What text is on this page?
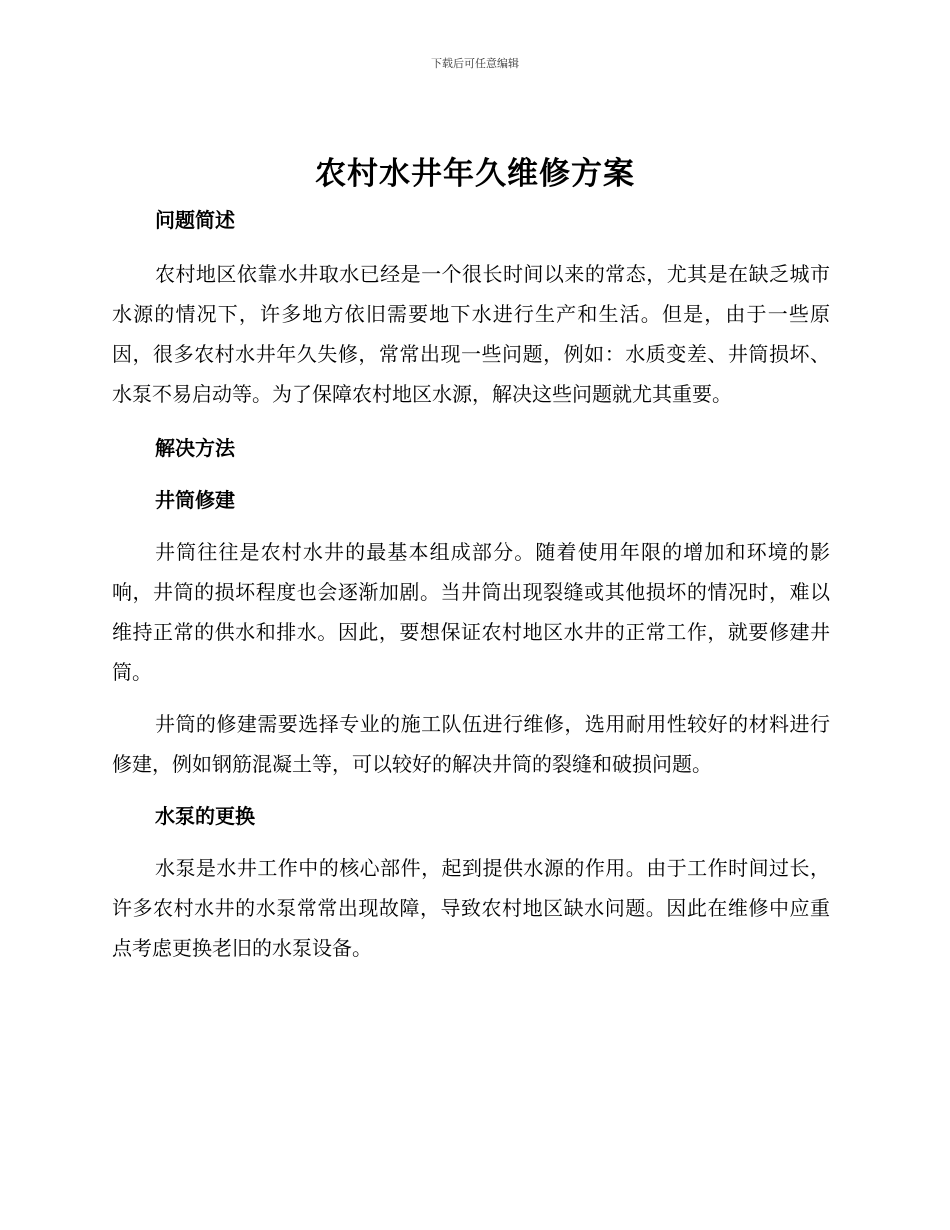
下载后可任意编辑
农村水井年久维修方案
问题简述

农村地区依靠水井取水已经是一个很长时间以来的常态，尤其是在缺乏城市水源的情况下，许多地方依旧需要地下水进行生产和生活。但是，由于一些原因，很多农村水井年久失修，常常出现一些问题，例如：水质变差、井筒损坏、水泵不易启动等。为了保障农村地区水源，解决这些问题就尤其重要。

解决方法
井筒修建

井筒往往是农村水井的最基本组成部分。随着使用年限的增加和环境的影响，井筒的损坏程度也会逐渐加剧。当井筒出现裂缝或其他损坏的情况时，难以维持正常的供水和排水。因此，要想保证农村地区水井的正常工作，就要修建井筒。

井筒的修建需要选择专业的施工队伍进行维修，选用耐用性较好的材料进行修建，例如钢筋混凝土等，可以较好的解决井筒的裂缝和破损问题。

水泵的更换

水泵是水井工作中的核心部件，起到提供水源的作用。由于工作时间过长，许多农村水井的水泵常常出现故障，导致农村地区缺水问题。因此在维修中应重点考虑更换老旧的水泵设备。
